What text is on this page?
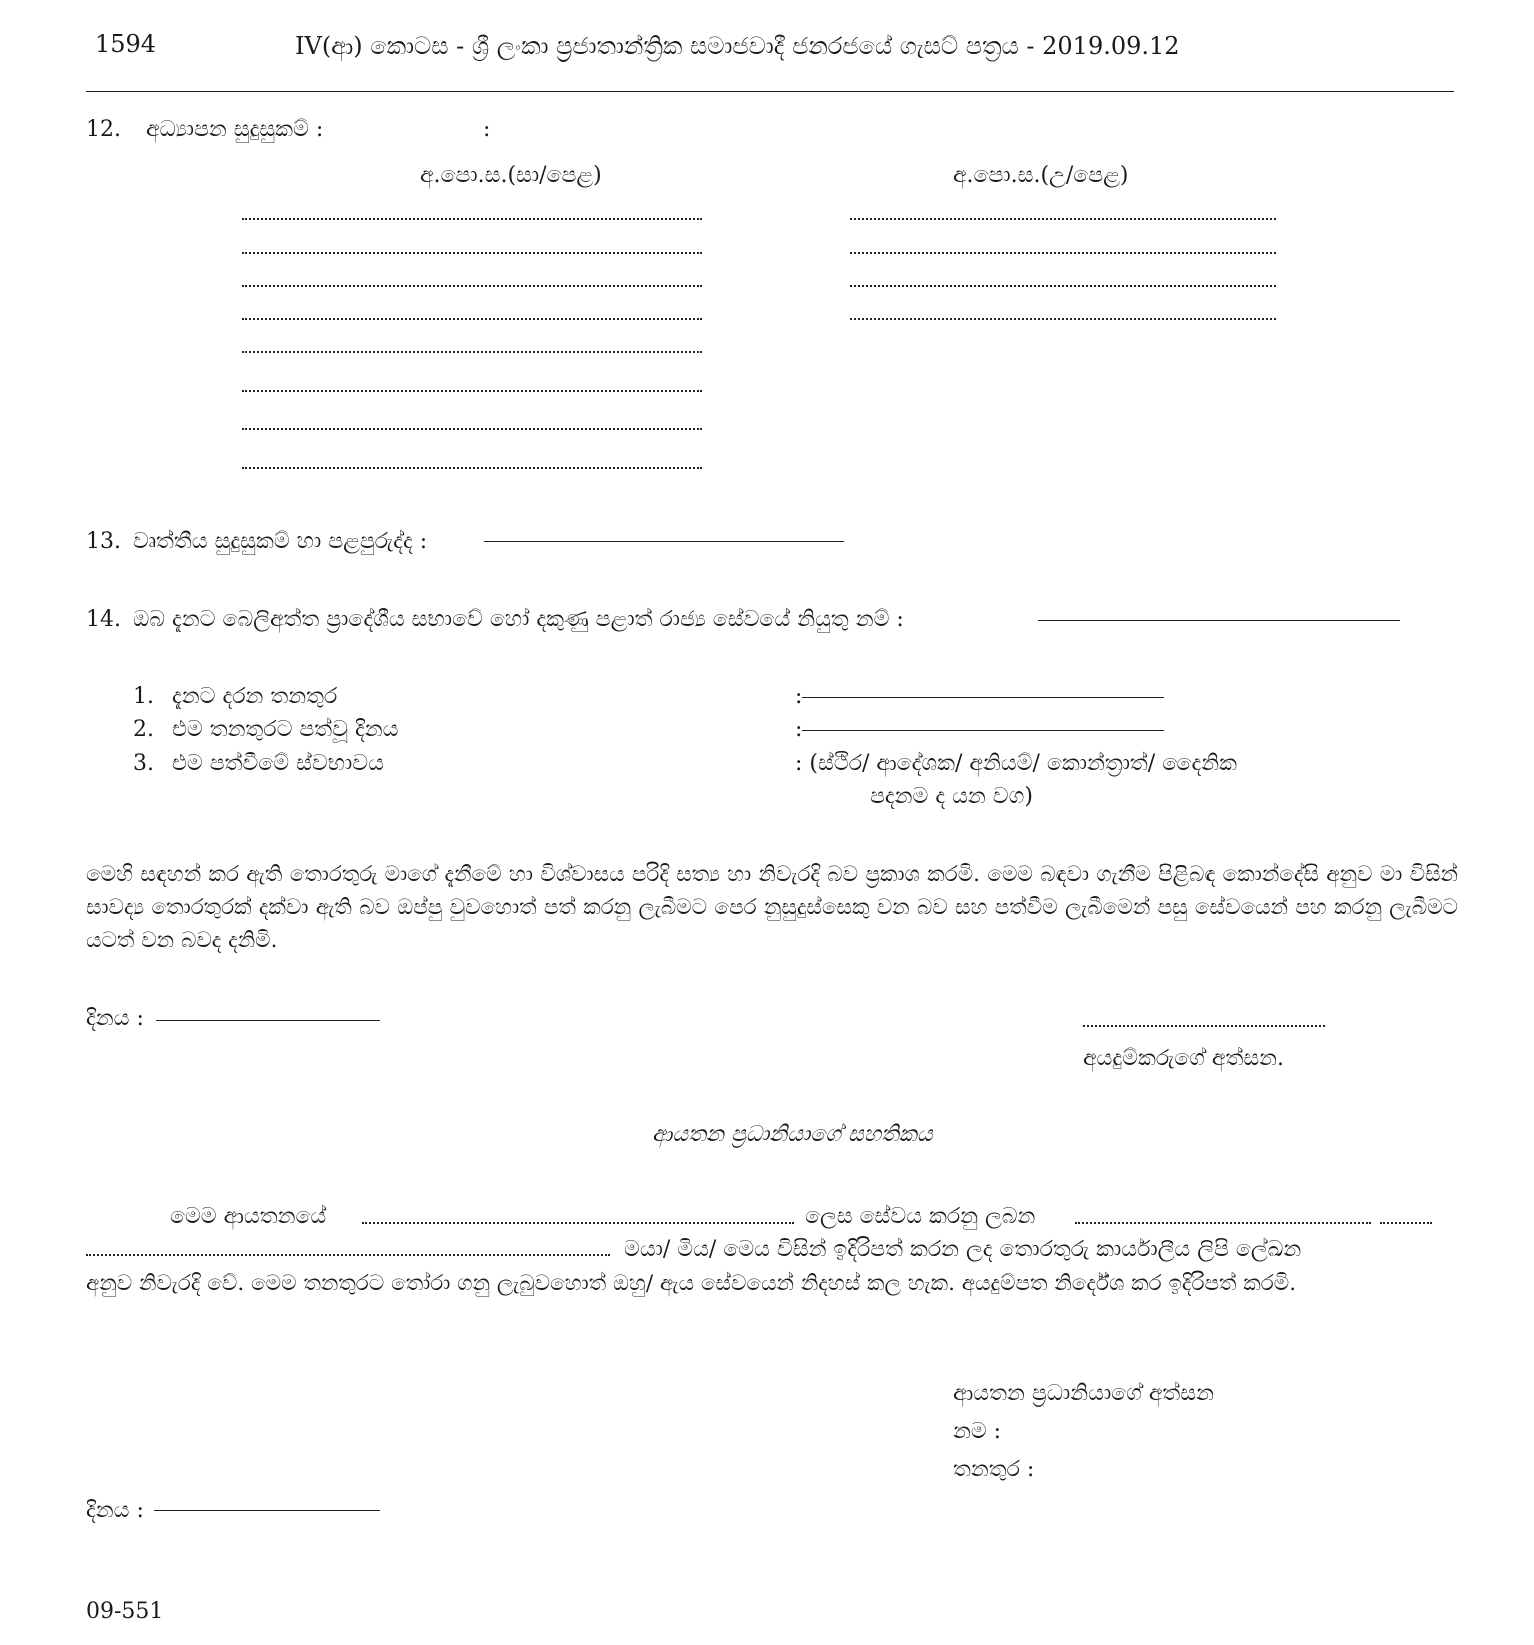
1594	IV(ආ) කොටස - ශ්‍රී ලංකා ප්‍රජාතාන්ත්‍රික සමාජවාදී ජනරජයේ ගැසට් පත්‍රය - 2019.09.12
12. අධ්‍යාපන සුදුසුකම් :	:
අ.පො.ස.(සා/පෙළ)	අ.පො.ස.(උ/පෙළ)
13. වෘත්තීය සුදුසුකම් හා පළපුරුද්ද :
14. ඔබ දැනට බෙලිඅත්ත ප්‍රාදේශීය සභාවේ හෝ දකුණු පළාත් රාජ්‍ය සේවයේ නියුතු නම් :
1. දැනට දරන තනතුර	:
2. එම තනතුරට පත්වූ දිනය	:
3. එම පත්වීමේ ස්වභාවය	: (ස්ථිර/ ආදේශක/ අනියම්/ කොන්ත්‍රාත්/ දෛනික
පදනම ද යන වග)
මෙහි සඳහන් කර ඇති තොරතුරු මාගේ දැනීමේ හා විශ්වාසය පරිදි සත්‍ය හා නිවැරදි බව ප්‍රකාශ කරමි. මෙම බඳවා ගැනීම පිළිබඳ කොන්දේසි අනුව මා විසින් සාවද්‍ය තොරතුරක් දක්වා ඇති බව ඔප්පු වුවහොත් පත් කරනු ලැබීමට පෙර නුසුදුස්සෙකු වන බව සහ පත්වීම ලැබීමෙන් පසු සේවයෙන් පහ කරනු ලැබීමට යටත් වන බවද දනිමි.
දිනය :
අයදුම්කරුගේ අත්සන.
ආයතන ප්‍රධානියාගේ සහතිකය
මෙම ආයතනයේ	ලෙස සේවය කරනු ලබන
මයා/ මිය/ මෙය විසින් ඉදිරිපත් කරන ලද තොරතුරු කාර්යාලීය ලිපි ලේඛන
අනුව නිවැරදි වේ. මෙම තනතුරට තෝරා ගනු ලැබුවහොත් ඔහු/ ඇය සේවයෙන් නිදහස් කල හැක. අයදුම්පත නිර්දේශ කර ඉදිරිපත් කරමි.
ආයතන ප්‍රධානියාගේ අත්සන
නම :
තනතුර :
දිනය :
09-551
